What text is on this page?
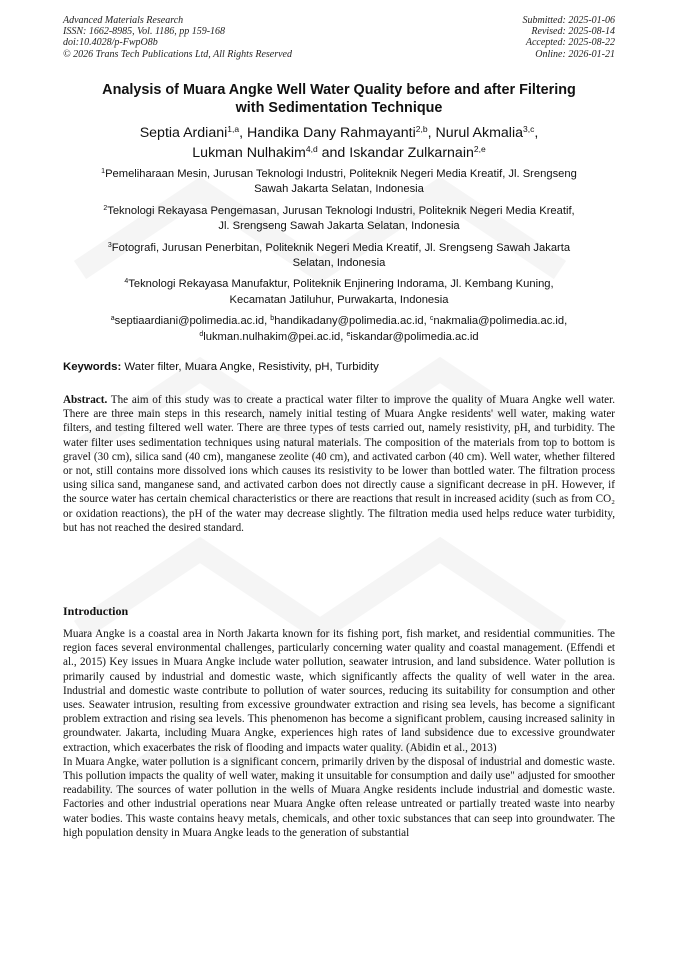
Advanced Materials Research
ISSN: 1662-8985, Vol. 1186, pp 159-168
doi:10.4028/p-FwpO8b
© 2026 Trans Tech Publications Ltd, All Rights Reserved
Submitted: 2025-01-06
Revised: 2025-08-14
Accepted: 2025-08-22
Online: 2026-01-21
Analysis of Muara Angke Well Water Quality before and after Filtering
with Sedimentation Technique
Septia Ardiani$^{1,a}$, Handika Dany Rahmayanti$^{2,b}$, Nurul Akmalia$^{3,c}$,
Lukman Nulhakim$^{4,d}$ and Iskandar Zulkarnain$^{2,e}$
$^1$Pemeliharaan Mesin, Jurusan Teknologi Industri, Politeknik Negeri Media Kreatif, Jl. Srengseng
Sawah Jakarta Selatan, Indonesia
$^2$Teknologi Rekayasa Pengemasan, Jurusan Teknologi Industri, Politeknik Negeri Media Kreatif,
Jl. Srengseng Sawah Jakarta Selatan, Indonesia
$^3$Fotografi, Jurusan Penerbitan, Politeknik Negeri Media Kreatif, Jl. Srengseng Sawah Jakarta
Selatan, Indonesia
$^4$Teknologi Rekayasa Manufaktur, Politeknik Enjinering Indorama, Jl. Kembang Kuning,
Kecamatan Jatiluhur, Purwakarta, Indonesia
$^a$septiaardiani@polimedia.ac.id, $^b$handikadany@polimedia.ac.id, $^c$nakmalia@polimedia.ac.id,
$^d$lukman.nulhakim@pei.ac.id, $^e$iskandar@polimedia.ac.id
Keywords: Water filter, Muara Angke, Resistivity, pH, Turbidity
Abstract. The aim of this study was to create a practical water filter to improve the quality of Muara Angke well water. There are three main steps in this research, namely initial testing of Muara Angke residents' well water, making water filters, and testing filtered well water. There are three types of tests carried out, namely resistivity, pH, and turbidity. The water filter uses sedimentation techniques using natural materials. The composition of the materials from top to bottom is gravel (30 cm), silica sand (40 cm), manganese zeolite (40 cm), and activated carbon (40 cm). Well water, whether filtered or not, still contains more dissolved ions which causes its resistivity to be lower than bottled water. The filtration process using silica sand, manganese sand, and activated carbon does not directly cause a significant decrease in pH. However, if the source water has certain chemical characteristics or there are reactions that result in increased acidity (such as from CO₂ or oxidation reactions), the pH of the water may decrease slightly. The filtration media used helps reduce water turbidity, but has not reached the desired standard.
Introduction

Muara Angke is a coastal area in North Jakarta known for its fishing port, fish market, and residential communities. The region faces several environmental challenges, particularly concerning water quality and coastal management. (Effendi et al., 2015) Key issues in Muara Angke include water pollution, seawater intrusion, and land subsidence. Water pollution is primarily caused by industrial and domestic waste, which significantly affects the quality of well water in the area. Industrial and domestic waste contribute to pollution of water sources, reducing its suitability for consumption and other uses. Seawater intrusion, resulting from excessive groundwater extraction and rising sea levels, has become a significant problem extraction and rising sea levels. This phenomenon has become a significant problem, causing increased salinity in groundwater. Jakarta, including Muara Angke, experiences high rates of land subsidence due to excessive groundwater extraction, which exacerbates the risk of flooding and impacts water quality. (Abidin et al., 2013)

In Muara Angke, water pollution is a significant concern, primarily driven by the disposal of industrial and domestic waste. This pollution impacts the quality of well water, making it unsuitable for consumption and daily use" adjusted for smoother readability. The sources of water pollution in the wells of Muara Angke residents include industrial and domestic waste. Factories and other industrial operations near Muara Angke often release untreated or partially treated waste into nearby water bodies. This waste contains heavy metals, chemicals, and other toxic substances that can seep into groundwater. The high population density in Muara Angke leads to the generation of substantial
